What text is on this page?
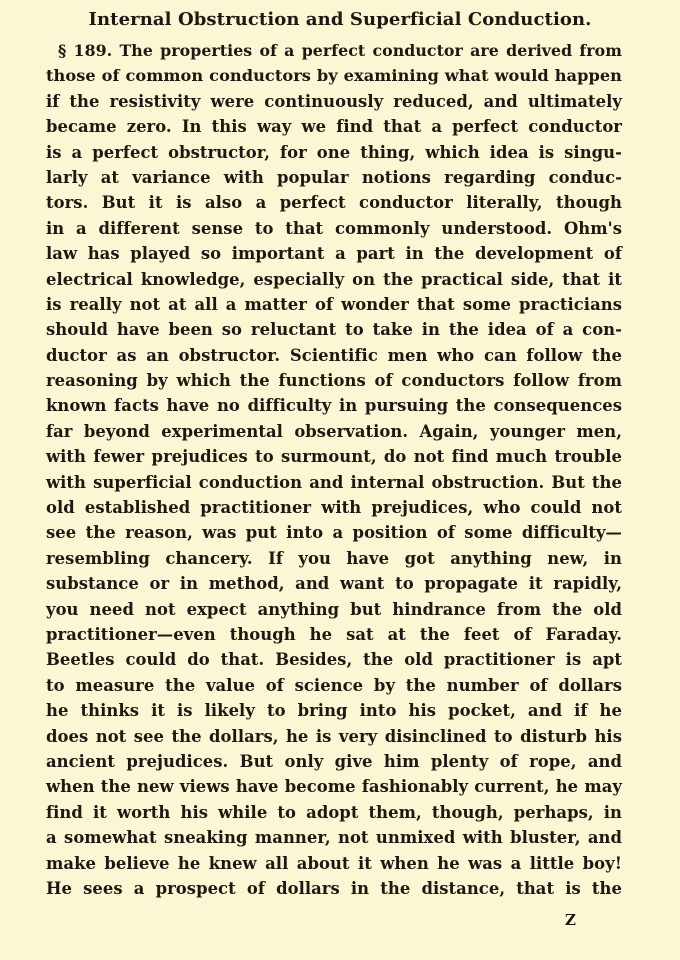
Internal Obstruction and Superficial Conduction.
§ 189. The properties of a perfect conductor are derived from
those of common conductors by examining what would happen
if the resistivity were continuously reduced, and ultimately
became zero. In this way we find that a perfect conductor
is a perfect obstructor, for one thing, which idea is singu-
larly at variance with popular notions regarding conduc-
tors. But it is also a perfect conductor literally, though
in a different sense to that commonly understood. Ohm's
law has played so important a part in the development of
electrical knowledge, especially on the practical side, that it
is really not at all a matter of wonder that some practicians
should have been so reluctant to take in the idea of a con-
ductor as an obstructor. Scientific men who can follow the
reasoning by which the functions of conductors follow from
known facts have no difficulty in pursuing the consequences
far beyond experimental observation. Again, younger men,
with fewer prejudices to surmount, do not find much trouble
with superficial conduction and internal obstruction. But the
old established practitioner with prejudices, who could not
see the reason, was put into a position of some difficulty—
resembling chancery. If you have got anything new, in
substance or in method, and want to propagate it rapidly,
you need not expect anything but hindrance from the old
practitioner—even though he sat at the feet of Faraday.
Beetles could do that. Besides, the old practitioner is apt
to measure the value of science by the number of dollars
he thinks it is likely to bring into his pocket, and if he
does not see the dollars, he is very disinclined to disturb his
ancient prejudices. But only give him plenty of rope, and
when the new views have become fashionably current, he may
find it worth his while to adopt them, though, perhaps, in
a somewhat sneaking manner, not unmixed with bluster, and
make believe he knew all about it when he was a little boy!
He sees a prospect of dollars in the distance, that is the
Z
